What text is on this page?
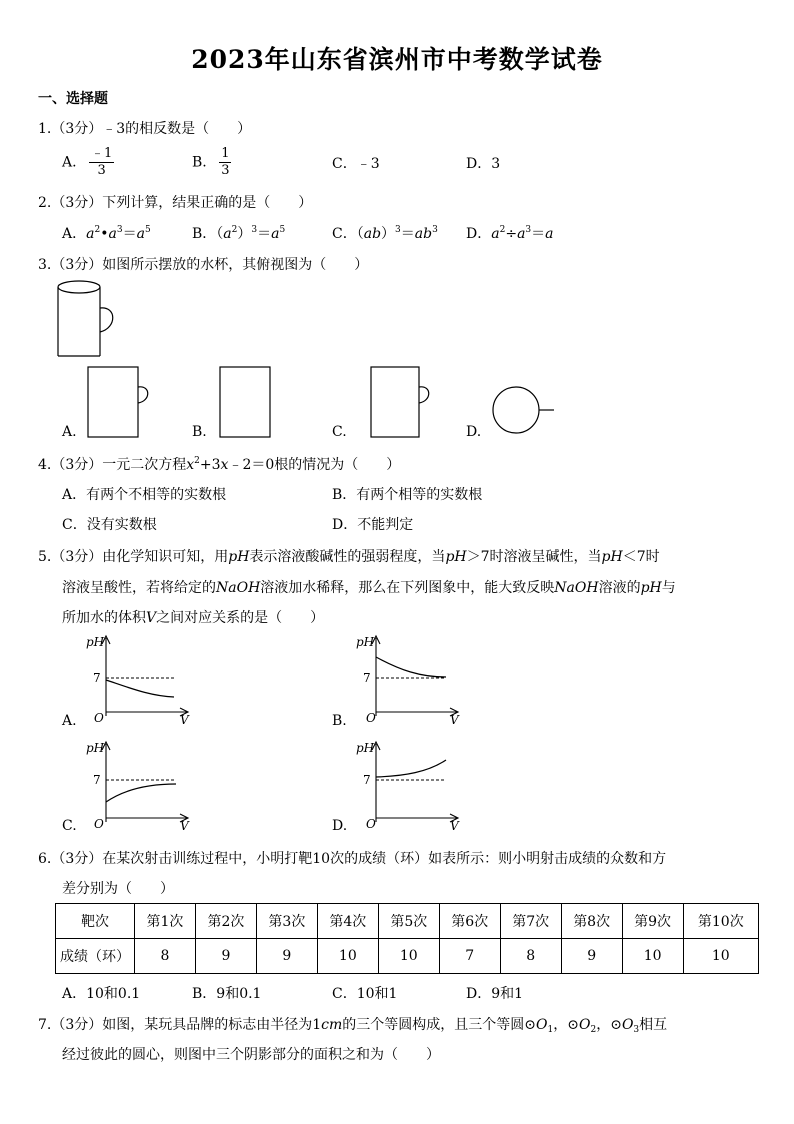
2023年山东省滨州市中考数学试卷
一、选择题
1.（3分）﹣3的相反数是（　　）
A. $\frac{﹣1}{3}$	B. $\frac{1}{3}$	C．﹣3	D．3
2.（3分）下列计算，结果正确的是（　　）
A．$a^2•a^3=a^5$	B．$(a^2)^3=a^5$	C．$(ab)^3=ab^3$ D．$a^2\div a^3=a$
3.（3分）如图所示摆放的水杯，其俯视图为（　　）
A.	B.	C.	D.
4.（3分）一元二次方程$x^2+3x﹣2=0$根的情况为（　　）
A．有两个不相等的实数根	B．有两个相等的实数根
C．没有实数根	D．不能判定
5.（3分）由化学知识可知，用pH表示溶液酸碱性的强弱程度，当pH＞7时溶液呈碱性，当pH＜7时
溶液呈酸性，若将给定的NaOH溶液加水稀释，那么在下列图象中，能大致反映NaOH溶液的pH与
所加水的体积V之间对应关系的是（　　）
A.
pH
7
O	V	B.
pH
7
O	V
C.
pH
7
O	V	D.
pH
7
O	V
6.（3分）在某次射击训练过程中，小明打靶10次的成绩（环）如表所示：则小明射击成绩的众数和方
差分别为（　　）
靶次	第1次	第2次	第3次	第4次	第5次	第6次	第7次	第8次	第9次	第10次
成绩（环）	8	9	9	10	10	7	8	9	10	10
A．10和0.1	B．9和0.1	C．10和1	D．9和1
7.（3分）如图，某玩具品牌的标志由半径为1cm的三个等圆构成，且三个等圆$⊙O_1$，$⊙O_2$，$⊙O_3$相互
经过彼此的圆心，则图中三个阴影部分的面积之和为（　　）
